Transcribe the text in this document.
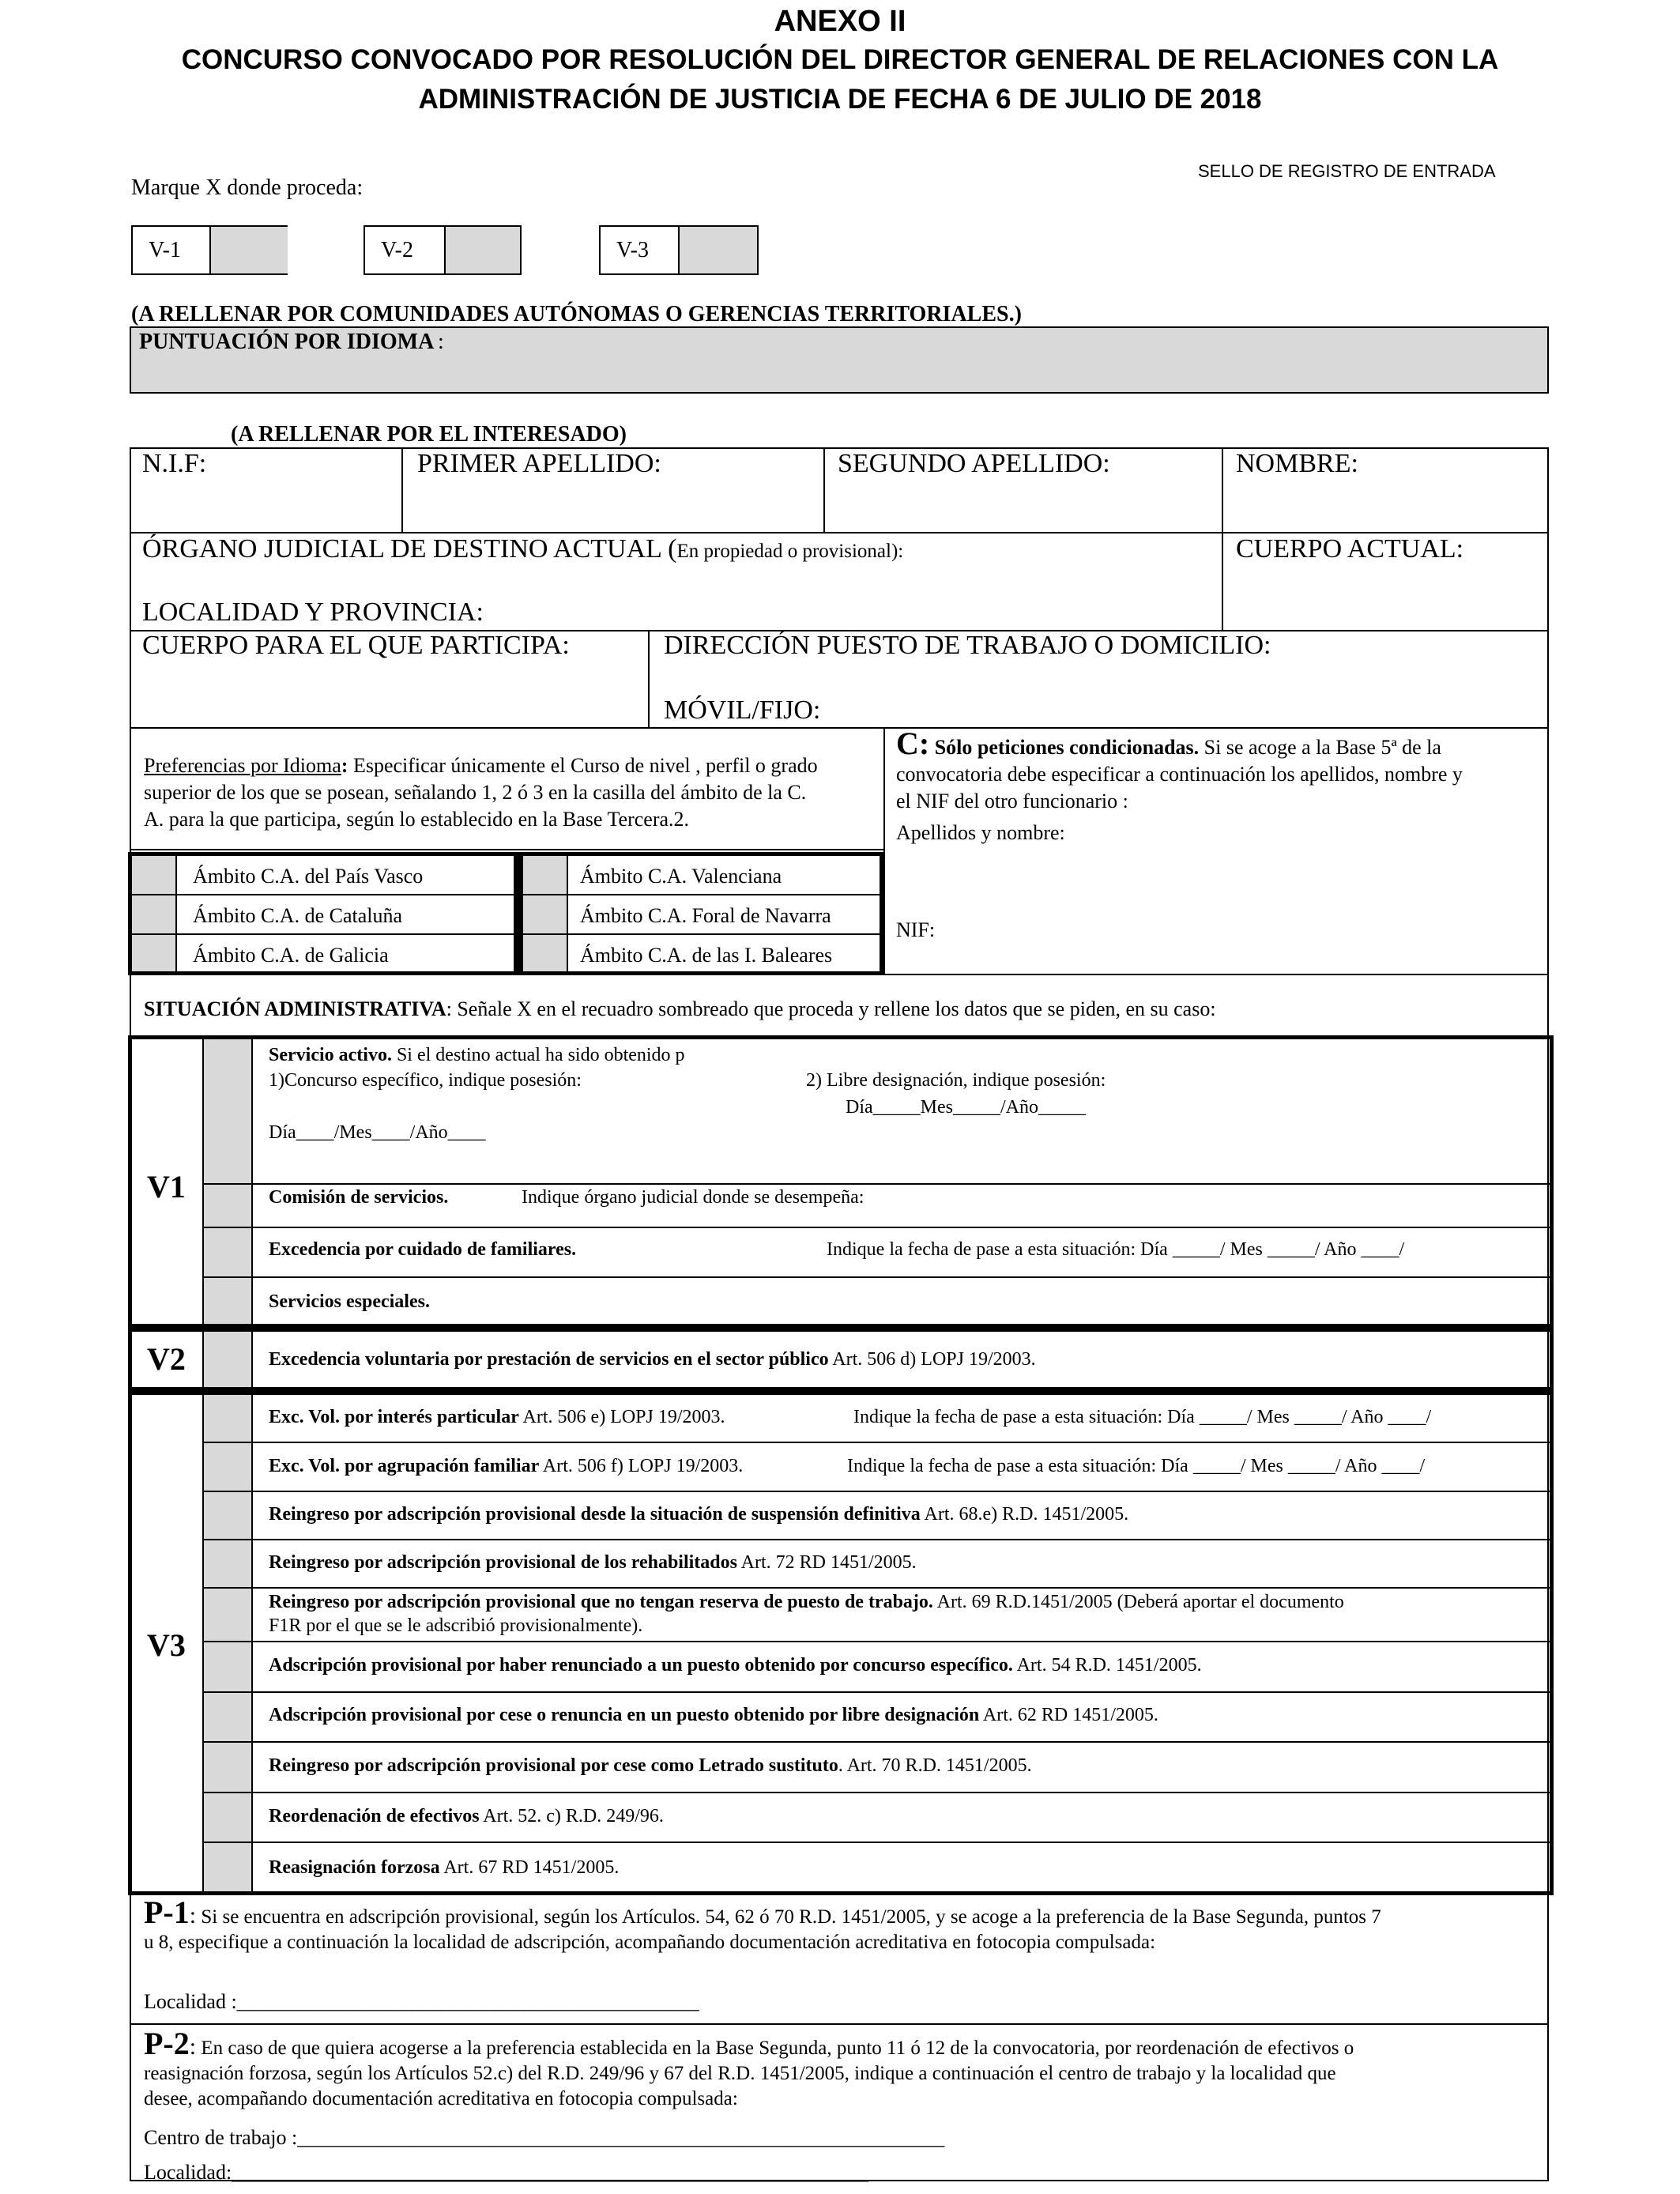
ANEXO II
CONCURSO CONVOCADO POR RESOLUCIÓN DEL DIRECTOR GENERAL DE RELACIONES CON LA
ADMINISTRACIÓN DE JUSTICIA DE FECHA 6 DE JULIO DE 2018
SELLO DE REGISTRO DE ENTRADA
Marque X donde proceda:
V-1	V-2	V-3
(A RELLENAR POR COMUNIDADES AUTÓNOMAS O GERENCIAS TERRITORIALES.)
PUNTUACIÓN POR IDIOMA :
(A RELLENAR POR EL INTERESADO)
N.I.F:	PRIMER APELLIDO:	SEGUNDO APELLIDO:	NOMBRE:
ÓRGANO JUDICIAL DE DESTINO ACTUAL (En propiedad o provisional):	CUERPO ACTUAL:
LOCALIDAD Y PROVINCIA:
CUERPO PARA EL QUE PARTICIPA:	DIRECCIÓN PUESTO DE TRABAJO O DOMICILIO:
MÓVIL/FIJO:
Preferencias por Idioma: Especificar únicamente el Curso de nivel , perfil o grado
superior de los que se posean, señalando 1, 2 ó 3 en la casilla del ámbito de la C.
A. para la que participa, según lo establecido en la Base Tercera.2.
C: Sólo peticiones condicionadas. Si se acoge a la Base 5ª de la
convocatoria debe especificar a continuación los apellidos, nombre y
el NIF del otro funcionario :
Apellidos y nombre:
NIF:
Ámbito C.A. del País Vasco
Ámbito C.A. de Cataluña
Ámbito C.A. de Galicia
Ámbito C.A. Valenciana
Ámbito C.A. Foral de Navarra
Ámbito C.A. de las I. Baleares
SITUACIÓN ADMINISTRATIVA: Señale X en el recuadro sombreado que proceda y rellene los datos que se piden, en su caso:
V1
Servicio activo. Si el destino actual ha sido obtenido p
1)Concurso específico, indique posesión:	2) Libre designación, indique posesión:
Día_____Mes_____/Año_____
Día____/Mes____/Año____
Comisión de servicios.	Indique órgano judicial donde se desempeña:
Excedencia por cuidado de familiares.	Indique la fecha de pase a esta situación: Día _____/ Mes _____/ Año ____/
Servicios especiales.
V2	Excedencia voluntaria por prestación de servicios en el sector público Art. 506 d) LOPJ 19/2003.
V3
Exc. Vol. por interés particular Art. 506 e) LOPJ 19/2003.	Indique la fecha de pase a esta situación: Día _____/ Mes _____/ Año ____/
Exc. Vol. por agrupación familiar Art. 506 f) LOPJ 19/2003.	Indique la fecha de pase a esta situación: Día _____/ Mes _____/ Año ____/
Reingreso por adscripción provisional desde la situación de suspensión definitiva Art. 68.e) R.D. 1451/2005.
Reingreso por adscripción provisional de los rehabilitados Art. 72 RD 1451/2005.
Reingreso por adscripción provisional que no tengan reserva de puesto de trabajo. Art. 69 R.D.1451/2005 (Deberá aportar el documento
F1R por el que se le adscribió provisionalmente).
Adscripción provisional por haber renunciado a un puesto obtenido por concurso específico. Art. 54 R.D. 1451/2005.
Adscripción provisional por cese o renuncia en un puesto obtenido por libre designación Art. 62 RD 1451/2005.
Reingreso por adscripción provisional por cese como Letrado sustituto. Art. 70 R.D. 1451/2005.
Reordenación de efectivos Art. 52. c) R.D. 249/96.
Reasignación forzosa Art. 67 RD 1451/2005.
P-1: Si se encuentra en adscripción provisional, según los Artículos. 54, 62 ó 70 R.D. 1451/2005, y se acoge a la preferencia de la Base Segunda, puntos 7
u 8, especifique a continuación la localidad de adscripción, acompañando documentación acreditativa en fotocopia compulsada:
Localidad :_____________________________________________
P-2: En caso de que quiera acogerse a la preferencia establecida en la Base Segunda, punto 11 ó 12 de la convocatoria, por reordenación de efectivos o
reasignación forzosa, según los Artículos 52.c) del R.D. 249/96 y 67 del R.D. 1451/2005, indique a continuación el centro de trabajo y la localidad que
desee, acompañando documentación acreditativa en fotocopia compulsada:
Centro de trabajo :_______________________________________________________________
Localidad:______________________________________________________________
